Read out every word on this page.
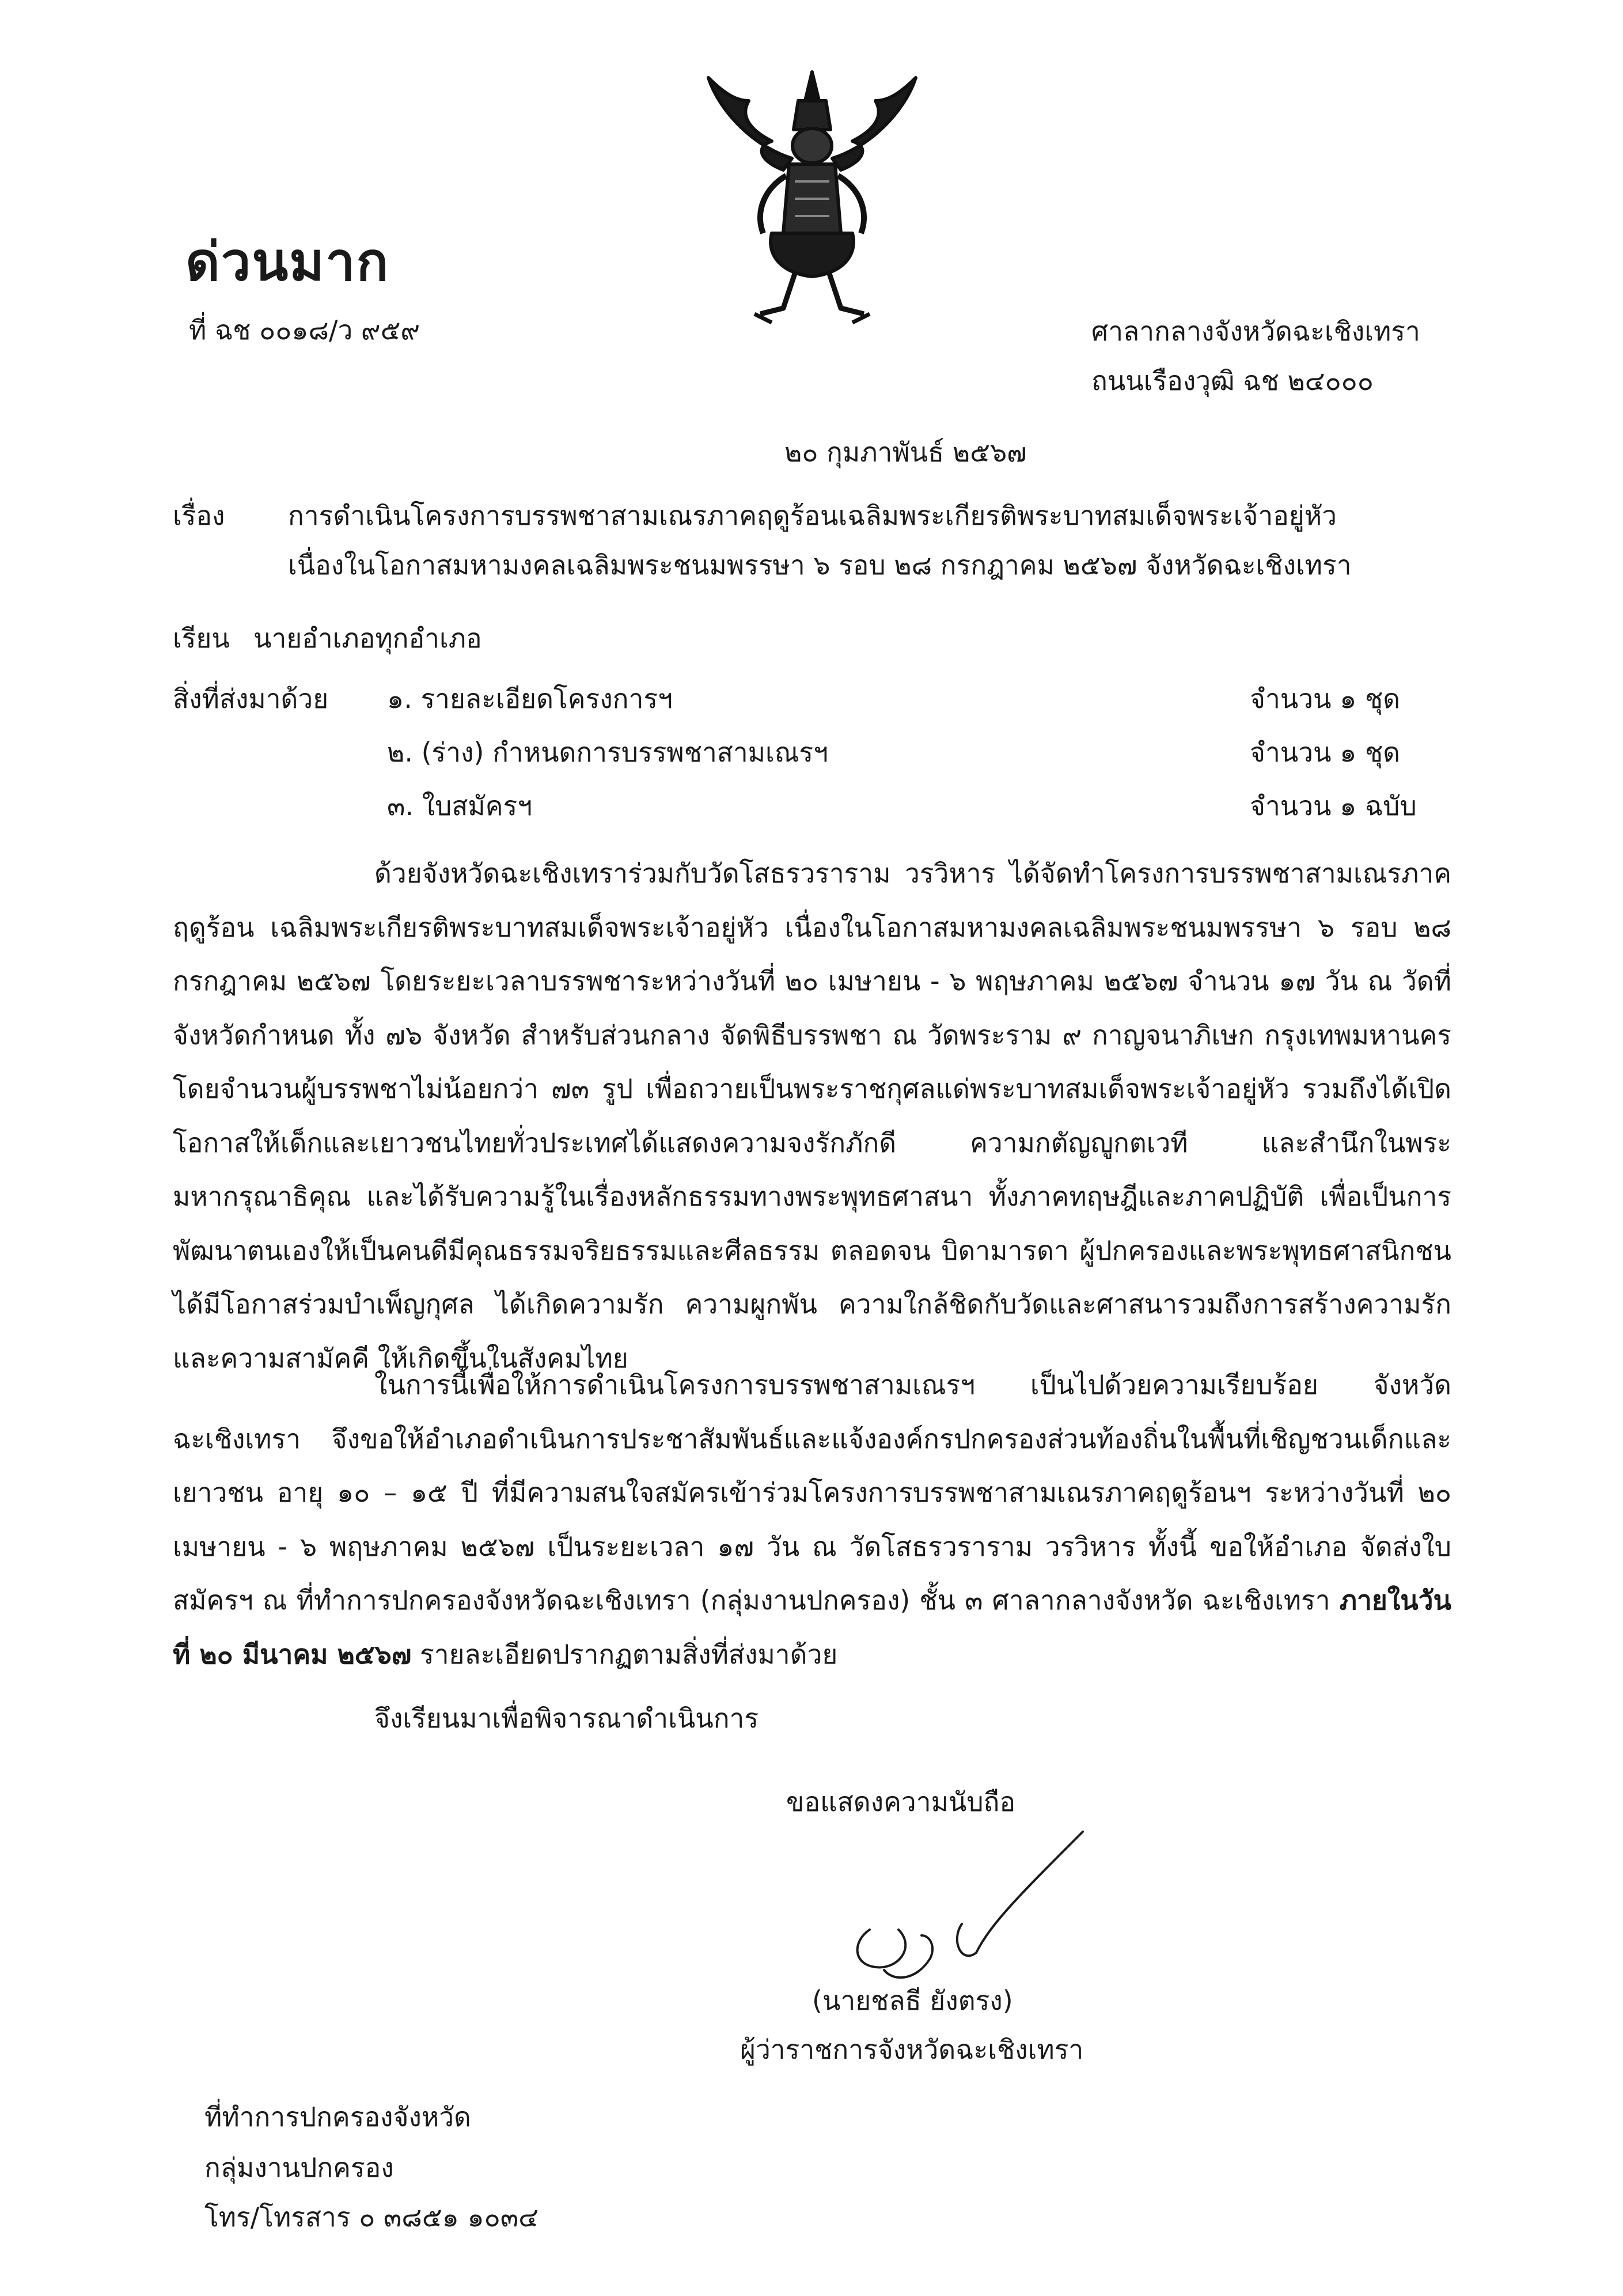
ด่วนมาก
ที่ ฉช ๐๐๑๘/ว ๙๕๙	ศาลากลางจังหวัดฉะเชิงเทรา
ถนนเรืองวุฒิ ฉช ๒๔๐๐๐
๒๐ กุมภาพันธ์ ๒๕๖๗
เรื่อง การดำเนินโครงการบรรพชาสามเณรภาคฤดูร้อนเฉลิมพระเกียรติพระบาทสมเด็จพระเจ้าอยู่หัว
เนื่องในโอกาสมหามงคลเฉลิมพระชนมพรรษา ๖ รอบ ๒๘ กรกฎาคม ๒๕๖๗ จังหวัดฉะเชิงเทรา
เรียน นายอำเภอทุกอำเภอ
สิ่งที่ส่งมาด้วย ๑. รายละเอียดโครงการฯ	จำนวน ๑ ชุด
๒. (ร่าง) กำหนดการบรรพชาสามเณรฯ	จำนวน ๑ ชุด
๓. ใบสมัครฯ	จำนวน ๑ ฉบับ
ด้วยจังหวัดฉะเชิงเทราร่วมกับวัดโสธรวราราม วรวิหาร ได้จัดทำโครงการบรรพชาสามเณรภาคฤดูร้อน เฉลิมพระเกียรติพระบาทสมเด็จพระเจ้าอยู่หัว เนื่องในโอกาสมหามงคลเฉลิมพระชนมพรรษา ๖ รอบ ๒๘ กรกฎาคม ๒๕๖๗ โดยระยะเวลาบรรพชาระหว่างวันที่ ๒๐ เมษายน - ๖ พฤษภาคม ๒๕๖๗ จำนวน ๑๗ วัน ณ วัดที่จังหวัดกำหนด ทั้ง ๗๖ จังหวัด สำหรับส่วนกลาง จัดพิธีบรรพชา ณ วัดพระราม ๙ กาญจนาภิเษก กรุงเทพมหานคร โดยจำนวนผู้บรรพชาไม่น้อยกว่า ๗๓ รูป เพื่อถวายเป็นพระราชกุศลแด่พระบาทสมเด็จพระเจ้าอยู่หัว รวมถึงได้เปิดโอกาสให้เด็กและเยาวชนไทยทั่วประเทศได้แสดงความจงรักภักดี ความกตัญญูกตเวที และสำนึกในพระมหากรุณาธิคุณ และได้รับความรู้ในเรื่องหลักธรรมทางพระพุทธศาสนา ทั้งภาคทฤษฎีและภาคปฏิบัติ เพื่อเป็นการพัฒนาตนเองให้เป็นคนดีมีคุณธรรมจริยธรรมและศีลธรรม ตลอดจน บิดามารดา ผู้ปกครองและพระพุทธศาสนิกชนได้มีโอกาสร่วมบำเพ็ญกุศล ได้เกิดความรัก ความผูกพัน ความใกล้ชิดกับวัดและศาสนารวมถึงการสร้างความรักและความสามัคคี ให้เกิดขึ้นในสังคมไทย
ในการนี้เพื่อให้การดำเนินโครงการบรรพชาสามเณรฯ เป็นไปด้วยความเรียบร้อย จังหวัดฉะเชิงเทรา จึงขอให้อำเภอดำเนินการประชาสัมพันธ์และแจ้งองค์กรปกครองส่วนท้องถิ่นในพื้นที่เชิญชวนเด็กและเยาวชน อายุ ๑๐ – ๑๕ ปี ที่มีความสนใจสมัครเข้าร่วมโครงการบรรพชาสามเณรภาคฤดูร้อนฯ ระหว่างวันที่ ๒๐ เมษายน - ๖ พฤษภาคม ๒๕๖๗ เป็นระยะเวลา ๑๗ วัน ณ วัดโสธรวราราม วรวิหาร ทั้งนี้ ขอให้อำเภอ จัดส่งใบสมัครฯ ณ ที่ทำการปกครองจังหวัดฉะเชิงเทรา (กลุ่มงานปกครอง) ชั้น ๓ ศาลากลางจังหวัด ฉะเชิงเทรา ภายในวันที่ ๒๐ มีนาคม ๒๕๖๗ รายละเอียดปรากฏตามสิ่งที่ส่งมาด้วย
จึงเรียนมาเพื่อพิจารณาดำเนินการ
ขอแสดงความนับถือ
(นายชลธี ยังตรง)
ผู้ว่าราชการจังหวัดฉะเชิงเทรา
ที่ทำการปกครองจังหวัด
กลุ่มงานปกครอง
โทร/โทรสาร ๐ ๓๘๕๑ ๑๐๓๔
